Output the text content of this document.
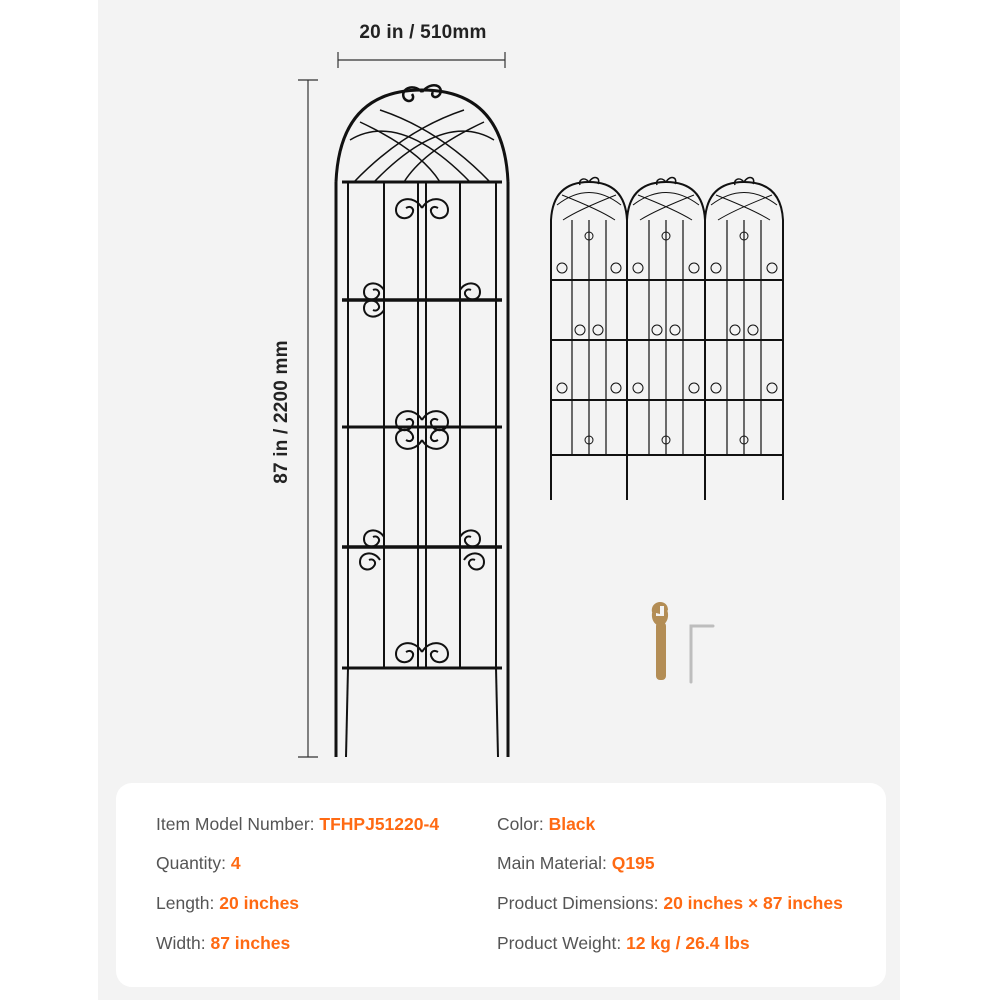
20 in / 510mm
87 in / 2200 mm
Item Model Number: TFHPJ51220-4
Quantity: 4
Length: 20 inches
Width: 87 inches
Color: Black
Main Material: Q195
Product Dimensions: 20 inches × 87 inches
Product Weight: 12 kg / 26.4 lbs
